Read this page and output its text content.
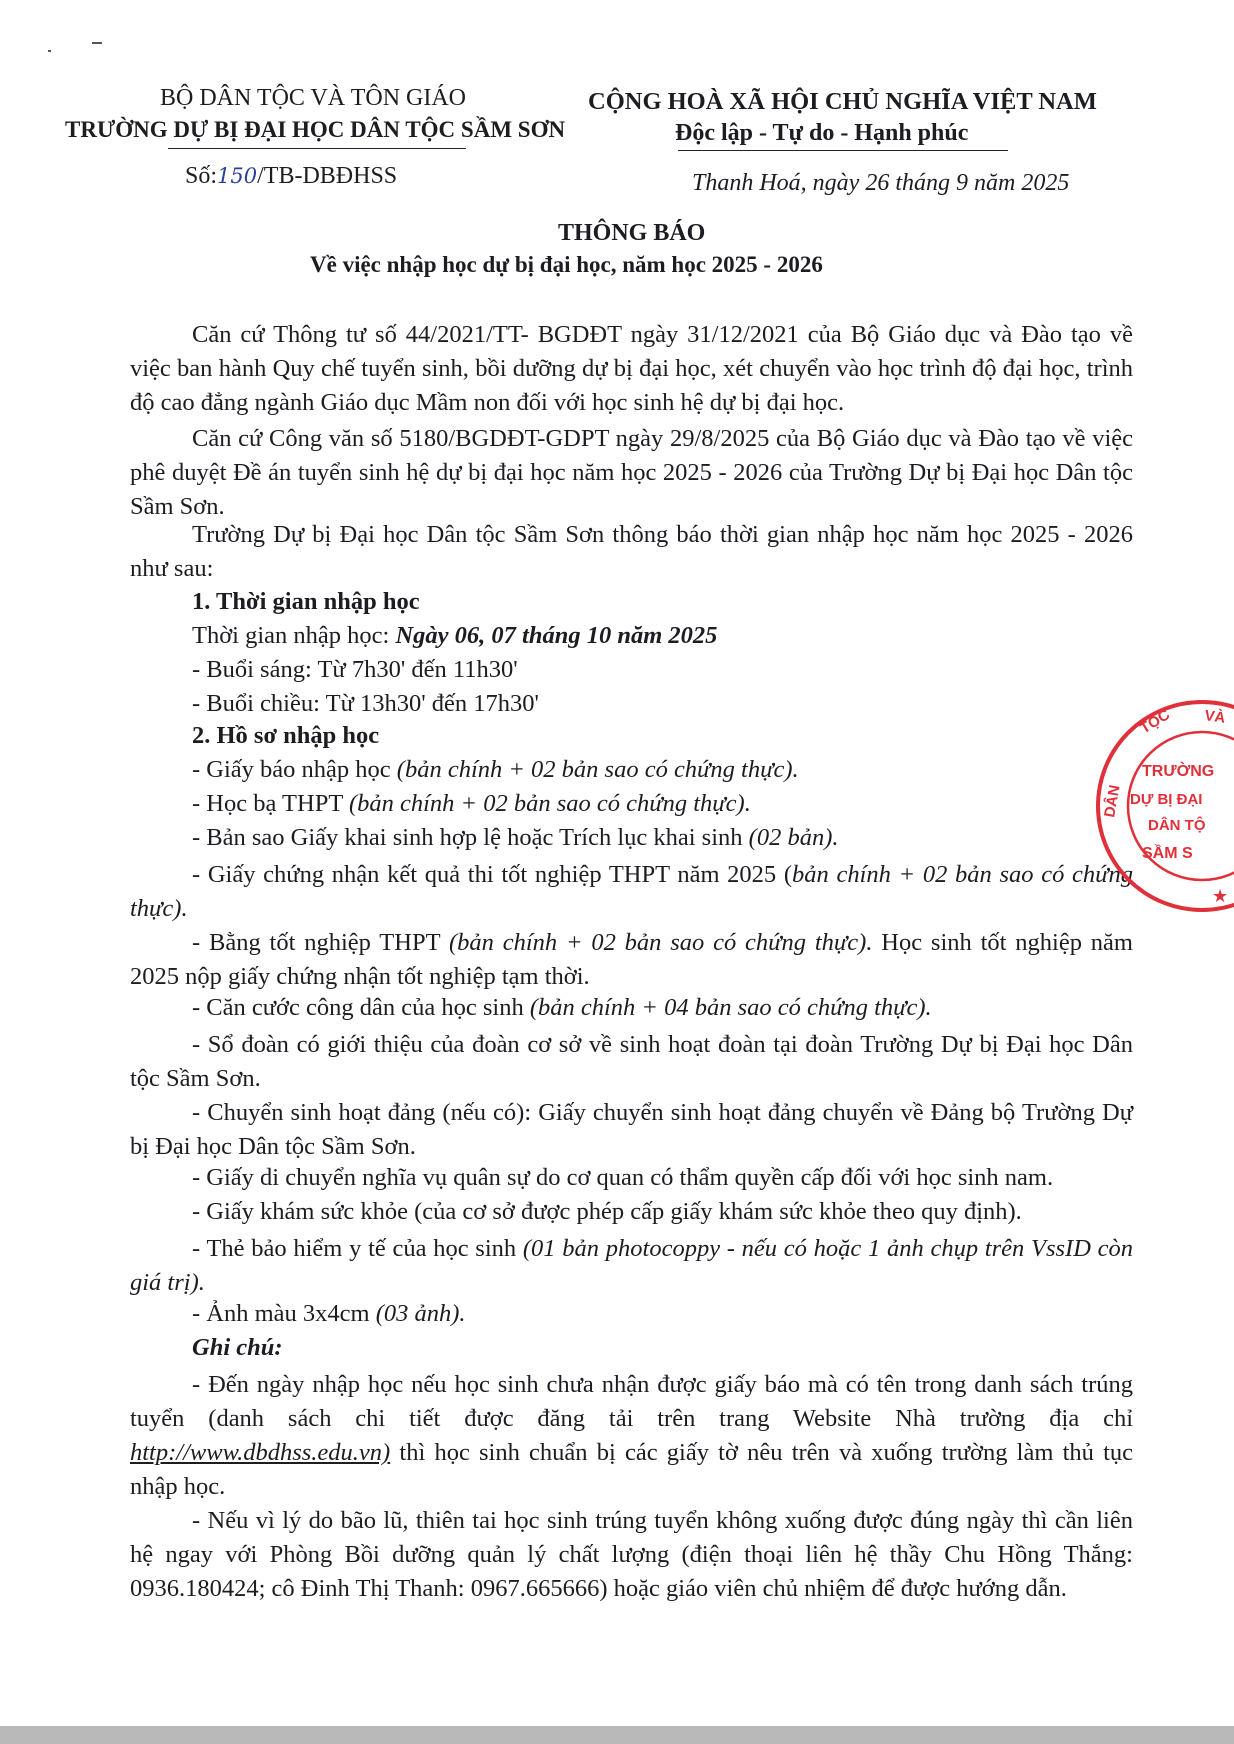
BỘ DÂN TỘC VÀ TÔN GIÁO
TRƯỜNG DỰ BỊ ĐẠI HỌC DÂN TỘC SẦM SƠN
Số:150/TB-DBĐHSS
CỘNG HOÀ XÃ HỘI CHỦ NGHĨA VIỆT NAM
Độc lập - Tự do - Hạnh phúc
Thanh Hoá, ngày 26 tháng 9 năm 2025
THÔNG BÁO
Về việc nhập học dự bị đại học, năm học 2025 - 2026
Căn cứ Thông tư số 44/2021/TT- BGDĐT ngày 31/12/2021 của Bộ Giáo dục và Đào tạo về việc ban hành Quy chế tuyển sinh, bồi dưỡng dự bị đại học, xét chuyển vào học trình độ đại học, trình độ cao đẳng ngành Giáo dục Mầm non đối với học sinh hệ dự bị đại học.
Căn cứ Công văn số 5180/BGDĐT-GDPT ngày 29/8/2025 của Bộ Giáo dục và Đào tạo về việc phê duyệt Đề án tuyển sinh hệ dự bị đại học năm học 2025 - 2026 của Trường Dự bị Đại học Dân tộc Sầm Sơn.
Trường Dự bị Đại học Dân tộc Sầm Sơn thông báo thời gian nhập học năm học 2025 - 2026 như sau:
1. Thời gian nhập học
Thời gian nhập học: Ngày 06, 07 tháng 10 năm 2025
- Buổi sáng: Từ 7h30' đến 11h30'
- Buổi chiều: Từ 13h30' đến 17h30'
2. Hồ sơ nhập học
- Giấy báo nhập học (bản chính + 02 bản sao có chứng thực).
- Học bạ THPT (bản chính + 02 bản sao có chứng thực).
- Bản sao Giấy khai sinh hợp lệ hoặc Trích lục khai sinh (02 bản).
- Giấy chứng nhận kết quả thi tốt nghiệp THPT năm 2025 (bản chính + 02 bản sao có chứng thực).
- Bằng tốt nghiệp THPT (bản chính + 02 bản sao có chứng thực). Học sinh tốt nghiệp năm 2025 nộp giấy chứng nhận tốt nghiệp tạm thời.
- Căn cước công dân của học sinh (bản chính + 04 bản sao có chứng thực).
- Sổ đoàn có giới thiệu của đoàn cơ sở về sinh hoạt đoàn tại đoàn Trường Dự bị Đại học Dân tộc Sầm Sơn.
- Chuyển sinh hoạt đảng (nếu có): Giấy chuyển sinh hoạt đảng chuyển về Đảng bộ Trường Dự bị Đại học Dân tộc Sầm Sơn.
- Giấy di chuyển nghĩa vụ quân sự do cơ quan có thẩm quyền cấp đối với học sinh nam.
- Giấy khám sức khỏe (của cơ sở được phép cấp giấy khám sức khỏe theo quy định).
- Thẻ bảo hiểm y tế của học sinh (01 bản photocoppy - nếu có hoặc 1 ảnh chụp trên VssID còn giá trị).
- Ảnh màu 3x4cm (03 ảnh).
Ghi chú:
- Đến ngày nhập học nếu học sinh chưa nhận được giấy báo mà có tên trong danh sách trúng tuyển (danh sách chi tiết được đăng tải trên trang Website Nhà trường địa chỉ http://www.dbdhss.edu.vn) thì học sinh chuẩn bị các giấy tờ nêu trên và xuống trường làm thủ tục nhập học.
- Nếu vì lý do bão lũ, thiên tai học sinh trúng tuyển không xuống được đúng ngày thì cần liên hệ ngay với Phòng Bồi dưỡng quản lý chất lượng (điện thoại liên hệ thầy Chu Hồng Thắng: 0936.180424; cô Đinh Thị Thanh: 0967.665666) hoặc giáo viên chủ nhiệm để được hướng dẫn.
DÂN
TỘC VÀ
TRƯỜNG
DỰ BỊ ĐẠI
DÂN TỘ
SẦM S
★
